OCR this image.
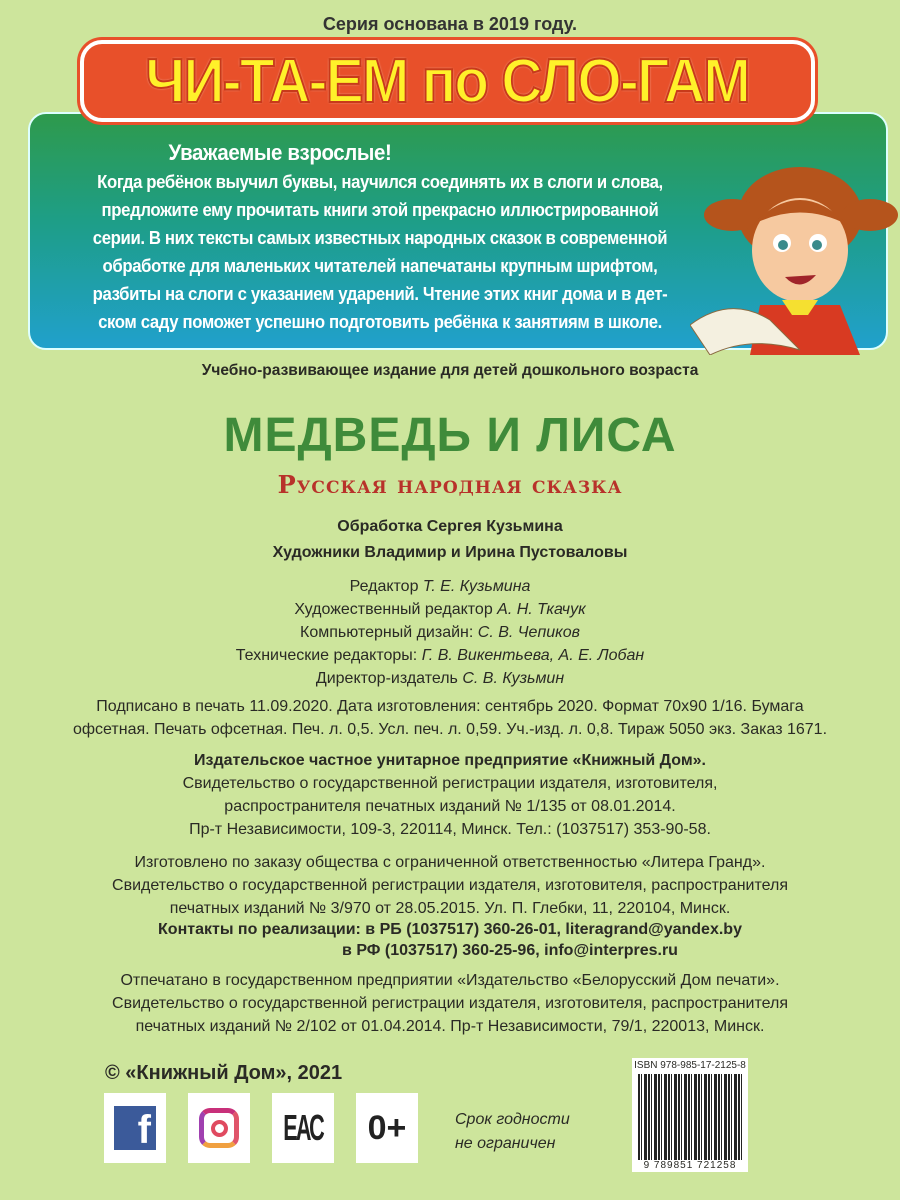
Серия основана в 2019 году.
ЧИ-ТА-ЕМ по СЛО-ГАМ
Уважаемые взрослые!
Когда ребёнок выучил буквы, научился соединять их в слоги и слова,
предложите ему прочитать книги этой прекрасно иллюстрированной
серии. В них тексты самых известных народных сказок в современной
обработке для маленьких читателей напечатаны крупным шрифтом,
разбиты на слоги с указанием ударений. Чтение этих книг дома и в дет-
ском саду поможет успешно подготовить ребёнка к занятиям в школе.
Учебно-развивающее издание для детей дошкольного возраста
МЕДВЕДЬ И ЛИСА
Русская народная сказка
Обработка Сергея Кузьмина
Художники Владимир и Ирина Пустоваловы
Редактор Т. Е. Кузьмина
Художественный редактор А. Н. Ткачук
Компьютерный дизайн: С. В. Чепиков
Технические редакторы: Г. В. Викентьева, А. Е. Лобан
Директор-издатель С. В. Кузьмин
Подписано в печать 11.09.2020. Дата изготовления: сентябрь 2020. Формат 70x90 1/16. Бумага
офсетная. Печать офсетная. Печ. л. 0,5. Усл. печ. л. 0,59. Уч.-изд. л. 0,8. Тираж 5050 экз. Заказ 1671.
Издательское частное унитарное предприятие «Книжный Дом».
Свидетельство о государственной регистрации издателя, изготовителя,
распространителя печатных изданий № 1/135 от 08.01.2014.
Пр-т Независимости, 109-3, 220114, Минск. Тел.: (1037517) 353-90-58.
Изготовлено по заказу общества с ограниченной ответственностью «Литера Гранд».
Свидетельство о государственной регистрации издателя, изготовителя, распространителя
печатных изданий № 3/970 от 28.05.2015. Ул. П. Глебки, 11, 220104, Минск.
Контакты по реализации: в РБ (1037517) 360-26-01, literagrand@yandex.by
в РФ (1037517) 360-25-96, info@interpres.ru
Отпечатано в государственном предприятии «Издательство «Белорусский Дом печати».
Свидетельство о государственной регистрации издателя, изготовителя, распространителя
печатных изданий № 2/102 от 01.04.2014. Пр-т Независимости, 79/1, 220013, Минск.
© «Книжный Дом», 2021
f	ЕАС 0+	Срок годности
не ограничен
ISBN 978-985-17-2125-8
9 789851 721258
